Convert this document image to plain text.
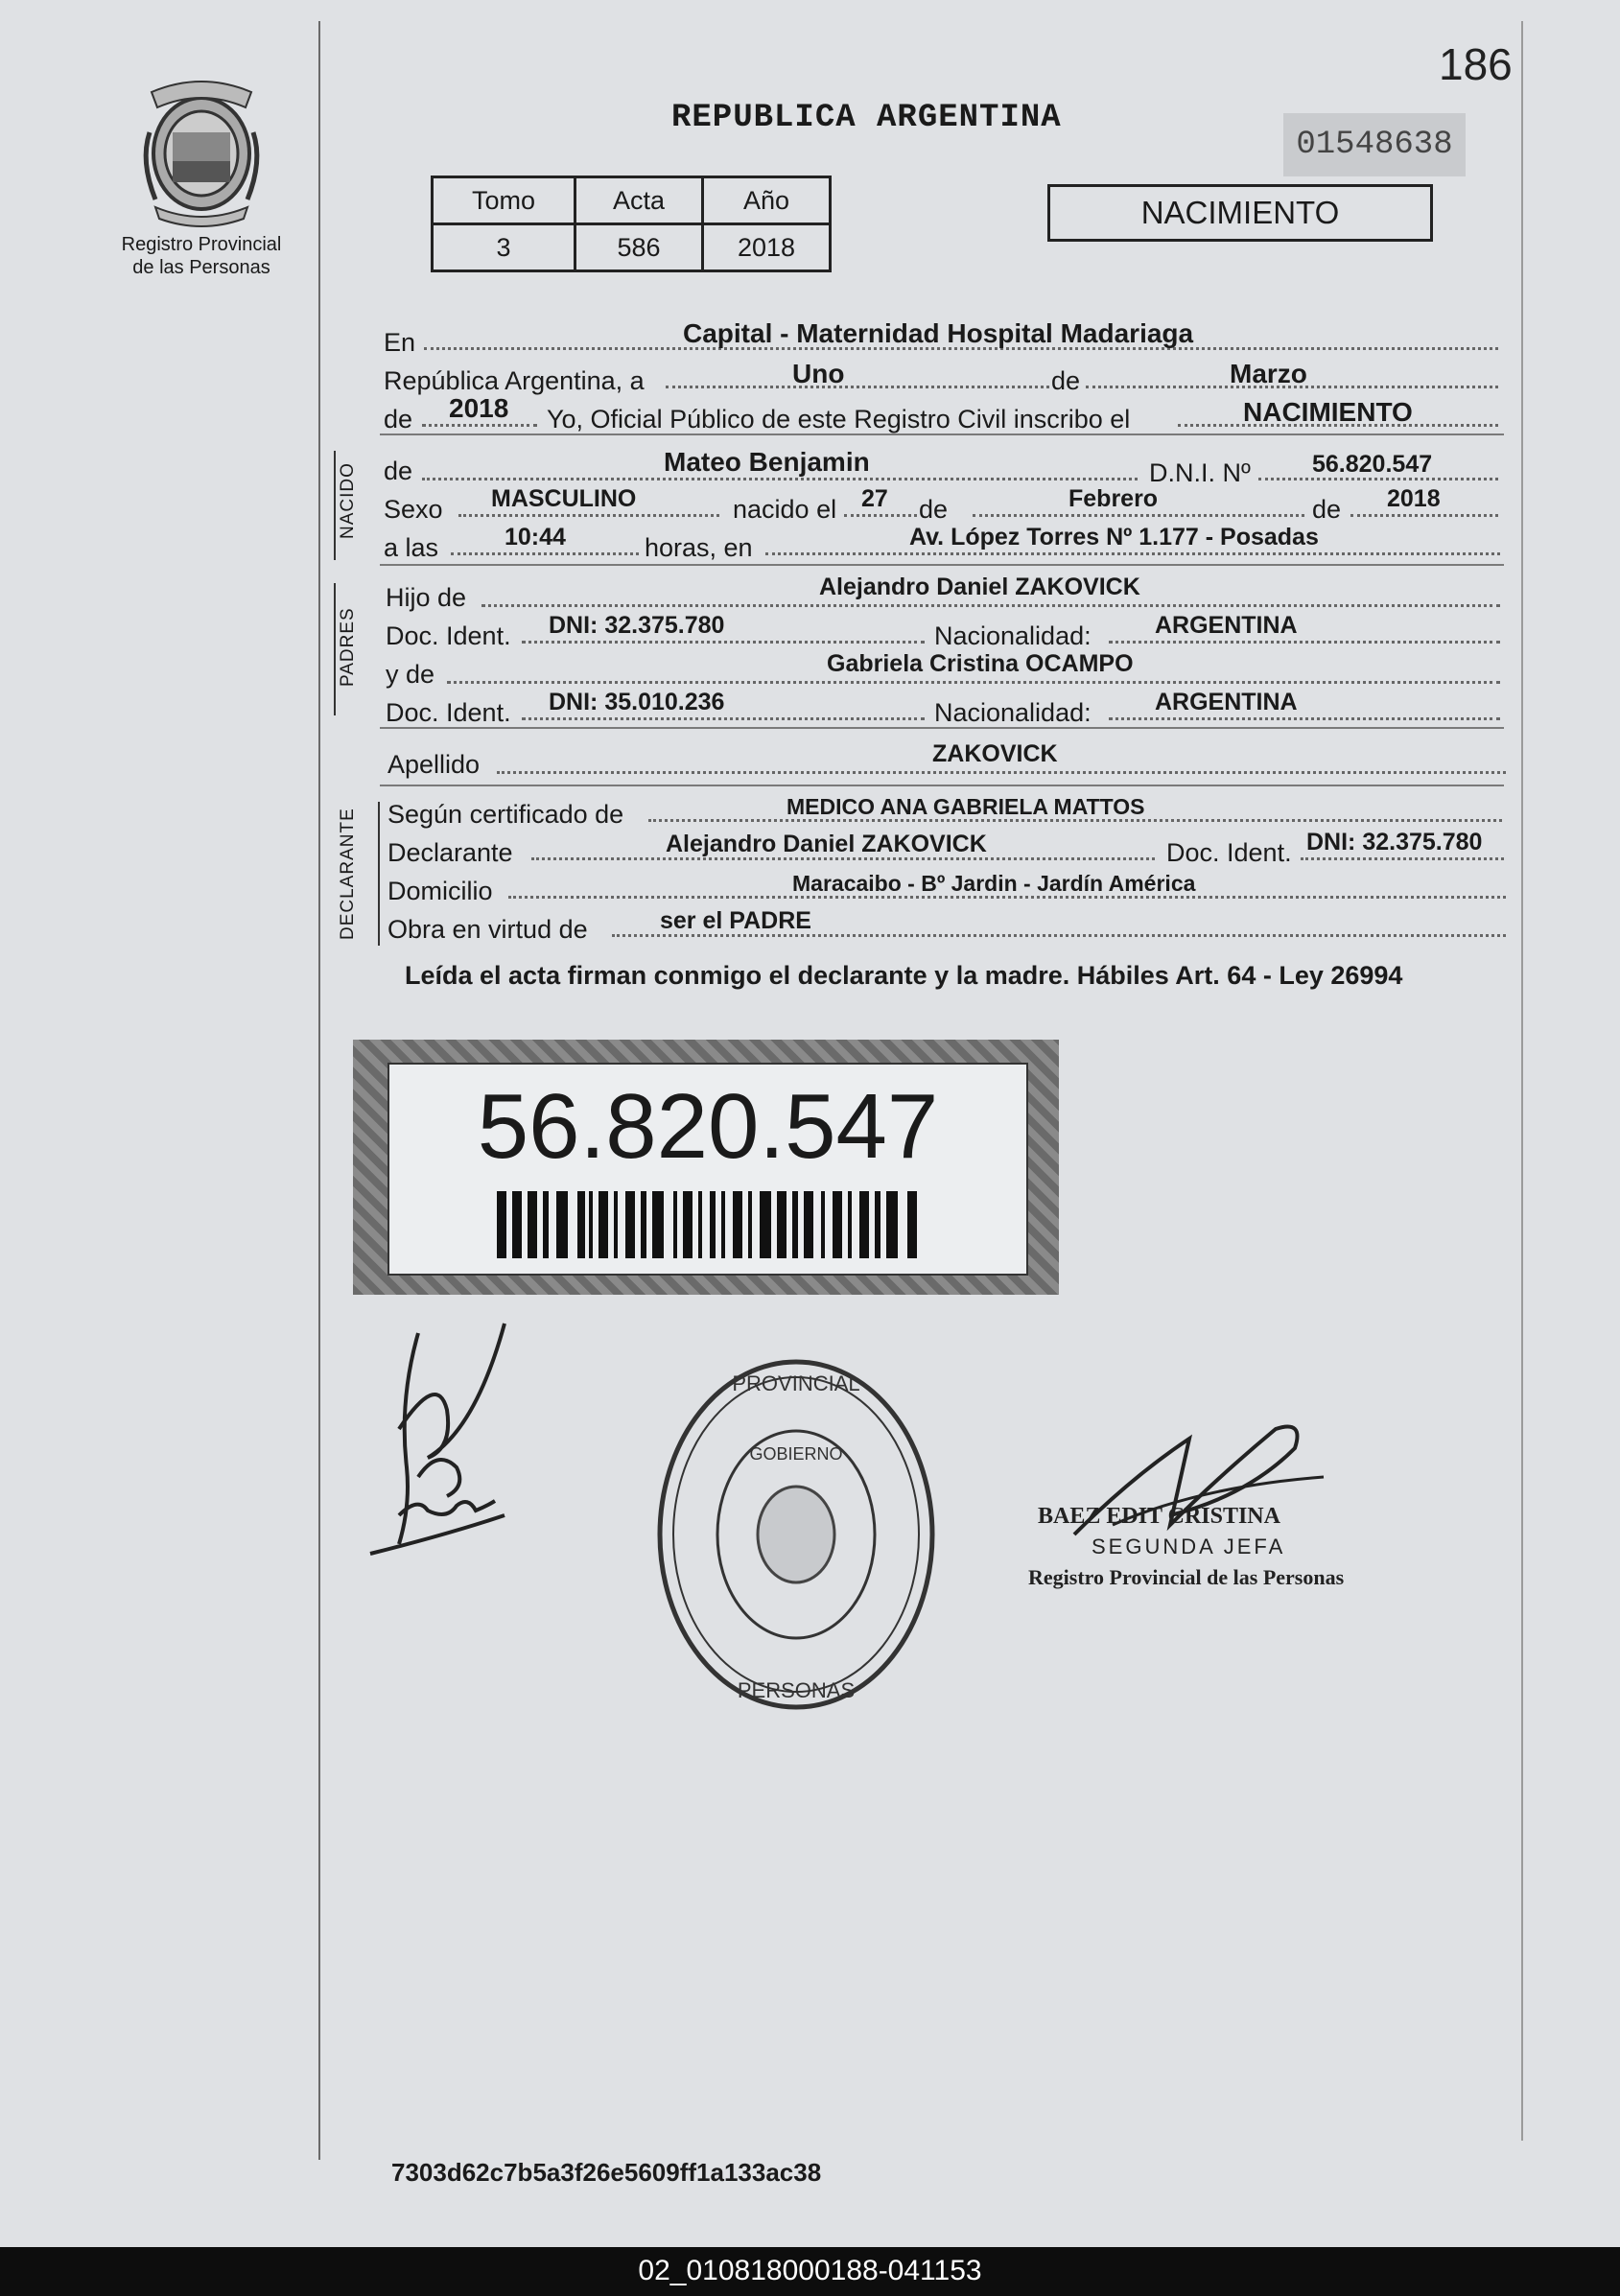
186
Registro Provincial
de las Personas
REPUBLICA ARGENTINA
01548638
Tomo	Acta	Año
3	586	2018
NACIMIENTO
En	Capital - Maternidad Hospital Madariaga
República Argentina, a	Uno	de	Marzo
de 2018 Yo, Oficial Público de este Registro Civil inscribo el	NACIMIENTO
NACIDO de	Mateo Benjamin	D.N.I. Nº	56.820.547
Sexo MASCULINO	nacido el 27 de	Febrero	de 2018
a las	10:44	horas, en	Av. López Torres Nº 1.177 - Posadas
PADRES
Hijo de	Alejandro Daniel ZAKOVICK
Doc. Ident. DNI: 32.375.780	Nacionalidad:	ARGENTINA
y de	Gabriela Cristina OCAMPO
Doc. Ident. DNI: 35.010.236	Nacionalidad:	ARGENTINA
Apellido	ZAKOVICK
DECLARANTE Según certificado de	MEDICO ANA GABRIELA MATTOS
Declarante	Alejandro Daniel ZAKOVICK	Doc. Ident. DNI: 32.375.780
Domicilio	Maracaibo - Bº Jardin - Jardín América
Obra en virtud de	ser el PADRE
Leída el acta firman conmigo el declarante y la madre. Hábiles Art. 64 - Ley 26994
56.820.547
PROVINCIAL
PERSONAS
GOBIERNO
BAEZ EDIT CRISTINA
SEGUNDA JEFA
Registro Provincial de las Personas
7303d62c7b5a3f26e5609ff1a133ac38
02_010818000188-041153
